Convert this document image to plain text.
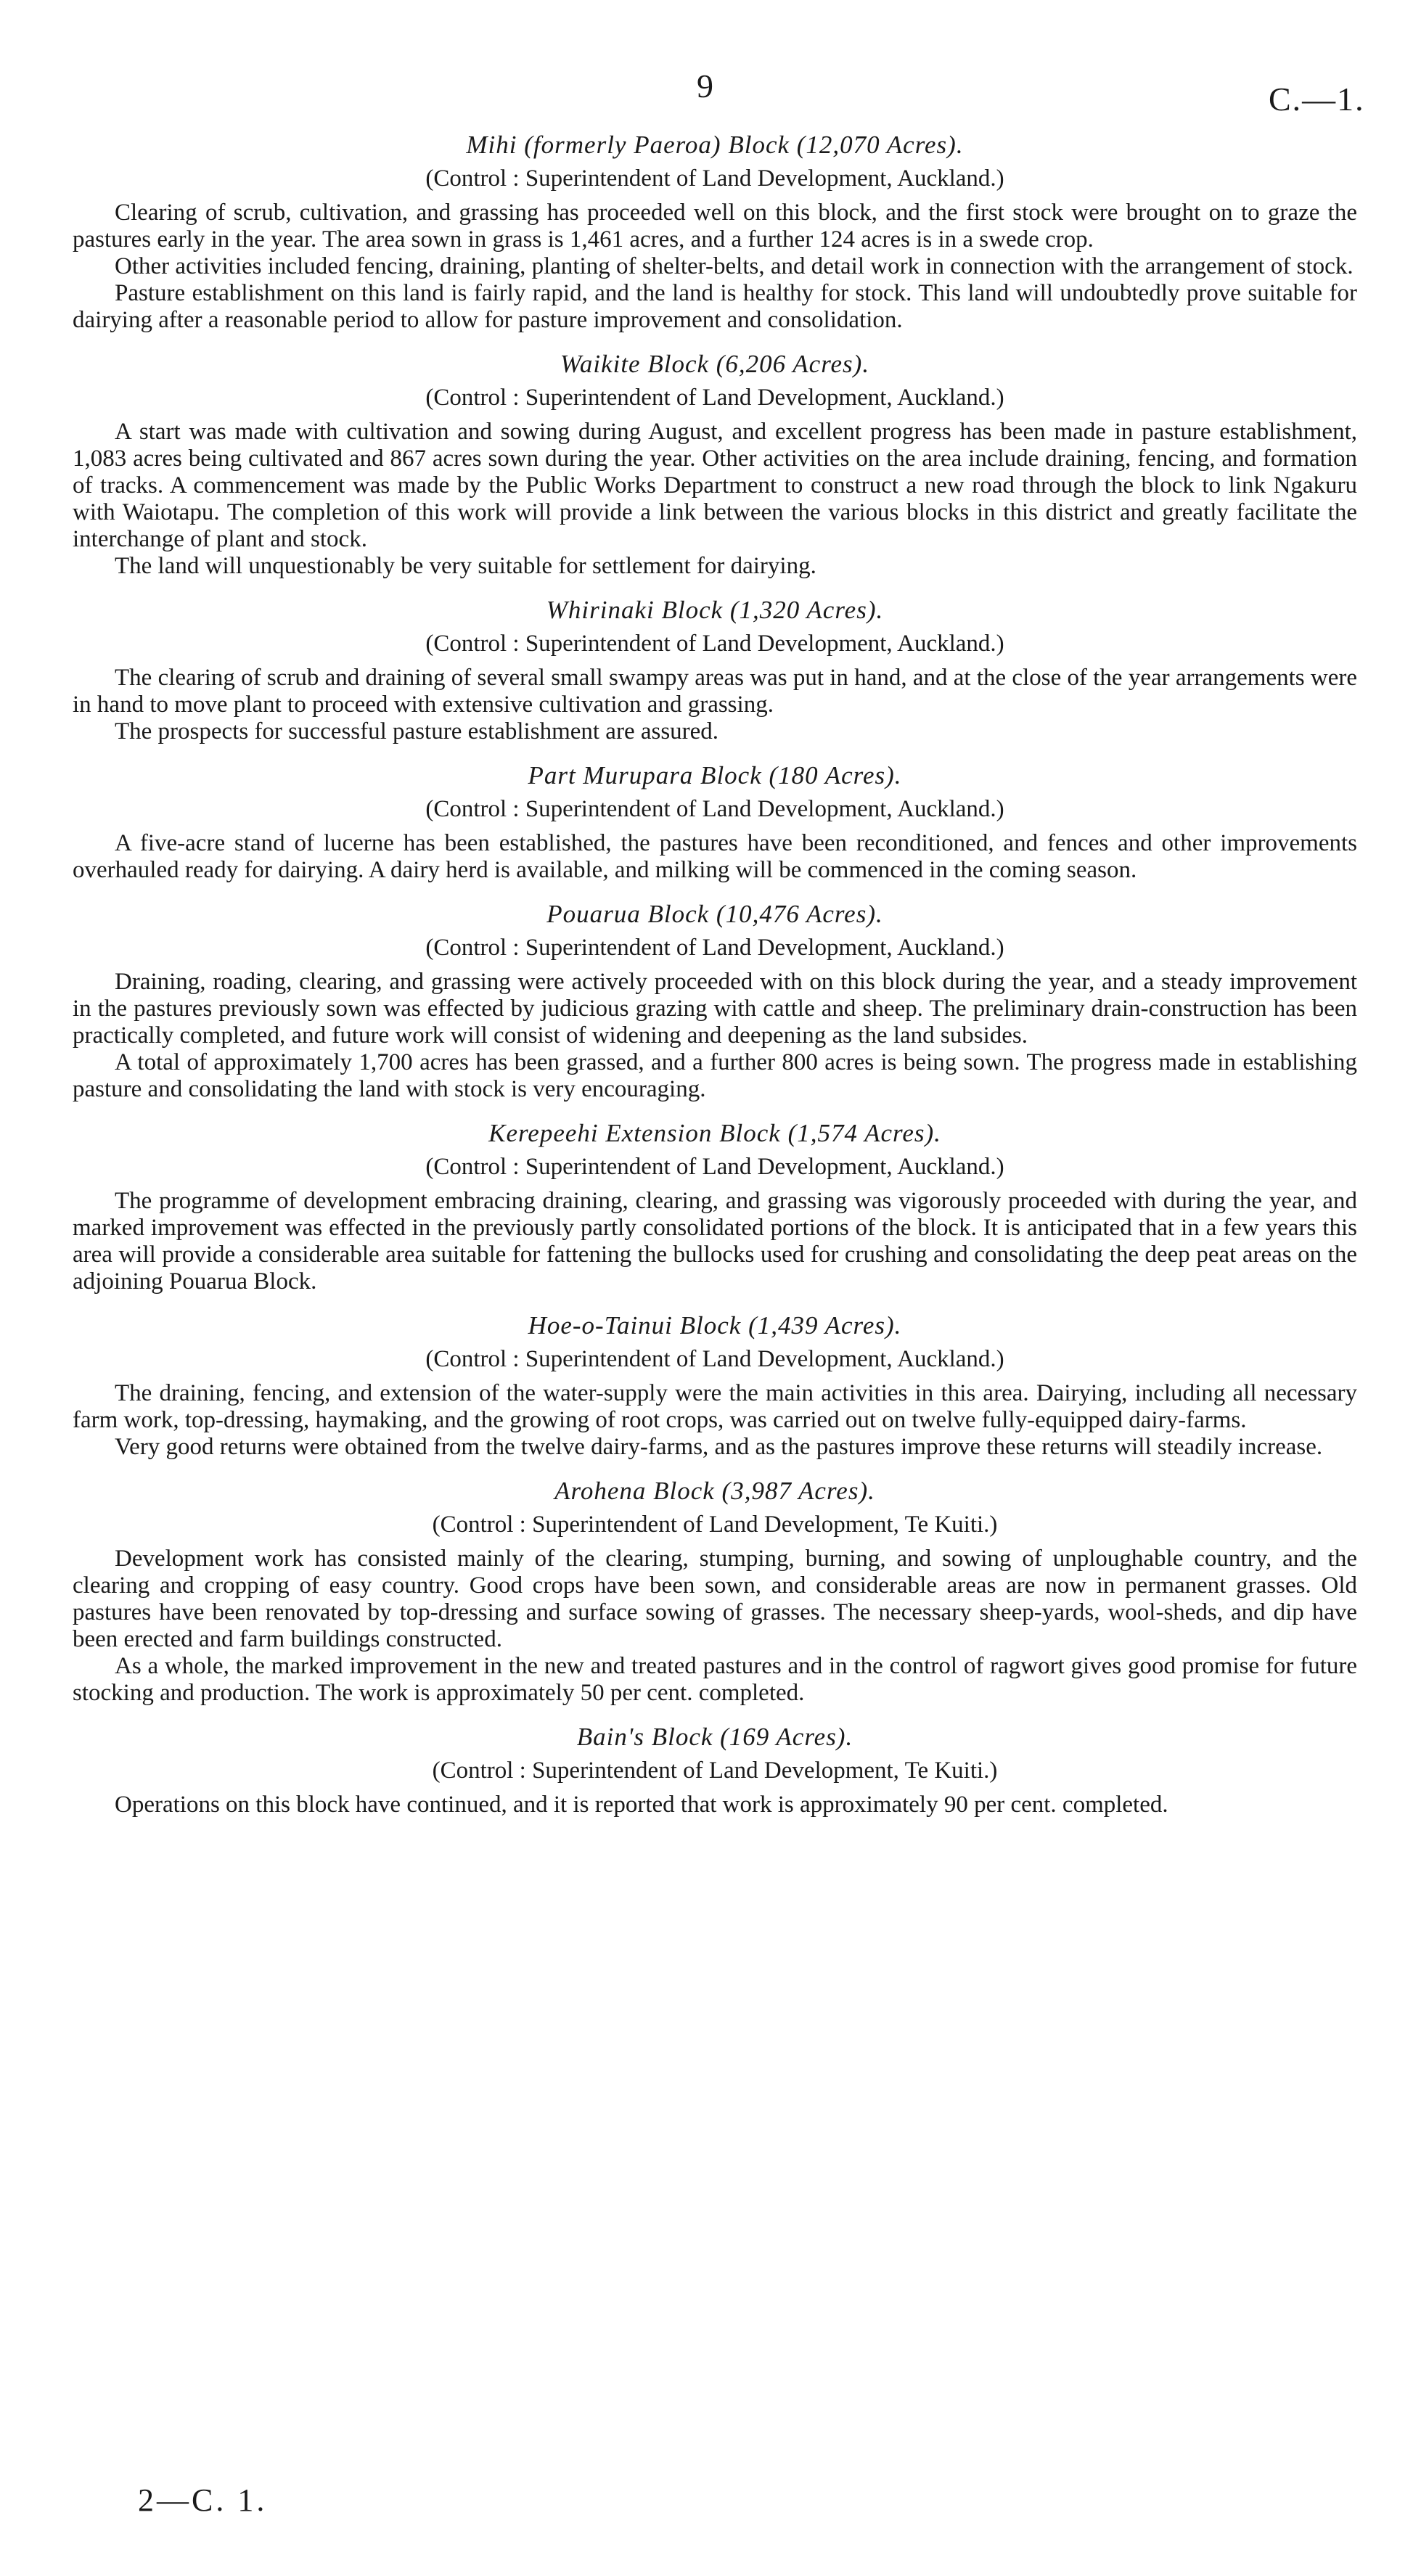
9	C.—1.
Mihi (formerly Paeroa) Block (12,070 Acres).
(Control : Superintendent of Land Development, Auckland.)

Clearing of scrub, cultivation, and grassing has proceeded well on this block, and the first stock were brought on to graze the pastures early in the year. The area sown in grass is 1,461 acres, and a further 124 acres is in a swede crop.

Other activities included fencing, draining, planting of shelter-belts, and detail work in connection with the arrangement of stock.

Pasture establishment on this land is fairly rapid, and the land is healthy for stock. This land will undoubtedly prove suitable for dairying after a reasonable period to allow for pasture improvement and consolidation.

Waikite Block (6,206 Acres).
(Control : Superintendent of Land Development, Auckland.)

A start was made with cultivation and sowing during August, and excellent progress has been made in pasture establishment, 1,083 acres being cultivated and 867 acres sown during the year. Other activities on the area include draining, fencing, and formation of tracks. A commencement was made by the Public Works Department to construct a new road through the block to link Ngakuru with Waiotapu. The completion of this work will provide a link between the various blocks in this district and greatly facilitate the interchange of plant and stock.

The land will unquestionably be very suitable for settlement for dairying.

Whirinaki Block (1,320 Acres).
(Control : Superintendent of Land Development, Auckland.)

The clearing of scrub and draining of several small swampy areas was put in hand, and at the close of the year arrangements were in hand to move plant to proceed with extensive cultivation and grassing.

The prospects for successful pasture establishment are assured.

Part Murupara Block (180 Acres).
(Control : Superintendent of Land Development, Auckland.)

A five-acre stand of lucerne has been established, the pastures have been reconditioned, and fences and other improvements overhauled ready for dairying. A dairy herd is available, and milking will be commenced in the coming season.

Pouarua Block (10,476 Acres).
(Control : Superintendent of Land Development, Auckland.)

Draining, roading, clearing, and grassing were actively proceeded with on this block during the year, and a steady improvement in the pastures previously sown was effected by judicious grazing with cattle and sheep. The preliminary drain-construction has been practically completed, and future work will consist of widening and deepening as the land subsides.

A total of approximately 1,700 acres has been grassed, and a further 800 acres is being sown. The progress made in establishing pasture and consolidating the land with stock is very encouraging.

Kerepeehi Extension Block (1,574 Acres).
(Control : Superintendent of Land Development, Auckland.)

The programme of development embracing draining, clearing, and grassing was vigorously proceeded with during the year, and marked improvement was effected in the previously partly consolidated portions of the block. It is anticipated that in a few years this area will provide a considerable area suitable for fattening the bullocks used for crushing and consolidating the deep peat areas on the adjoining Pouarua Block.

Hoe-o-Tainui Block (1,439 Acres).
(Control : Superintendent of Land Development, Auckland.)

The draining, fencing, and extension of the water-supply were the main activities in this area. Dairying, including all necessary farm work, top-dressing, haymaking, and the growing of root crops, was carried out on twelve fully-equipped dairy-farms.

Very good returns were obtained from the twelve dairy-farms, and as the pastures improve these returns will steadily increase.

Arohena Block (3,987 Acres).
(Control : Superintendent of Land Development, Te Kuiti.)

Development work has consisted mainly of the clearing, stumping, burning, and sowing of unploughable country, and the clearing and cropping of easy country. Good crops have been sown, and considerable areas are now in permanent grasses. Old pastures have been renovated by top-dressing and surface sowing of grasses. The necessary sheep-yards, wool-sheds, and dip have been erected and farm buildings constructed.

As a whole, the marked improvement in the new and treated pastures and in the control of ragwort gives good promise for future stocking and production. The work is approximately 50 per cent. completed.

Bain's Block (169 Acres).
(Control : Superintendent of Land Development, Te Kuiti.)

Operations on this block have continued, and it is reported that work is approximately 90 per cent. completed.

2—C. 1.
